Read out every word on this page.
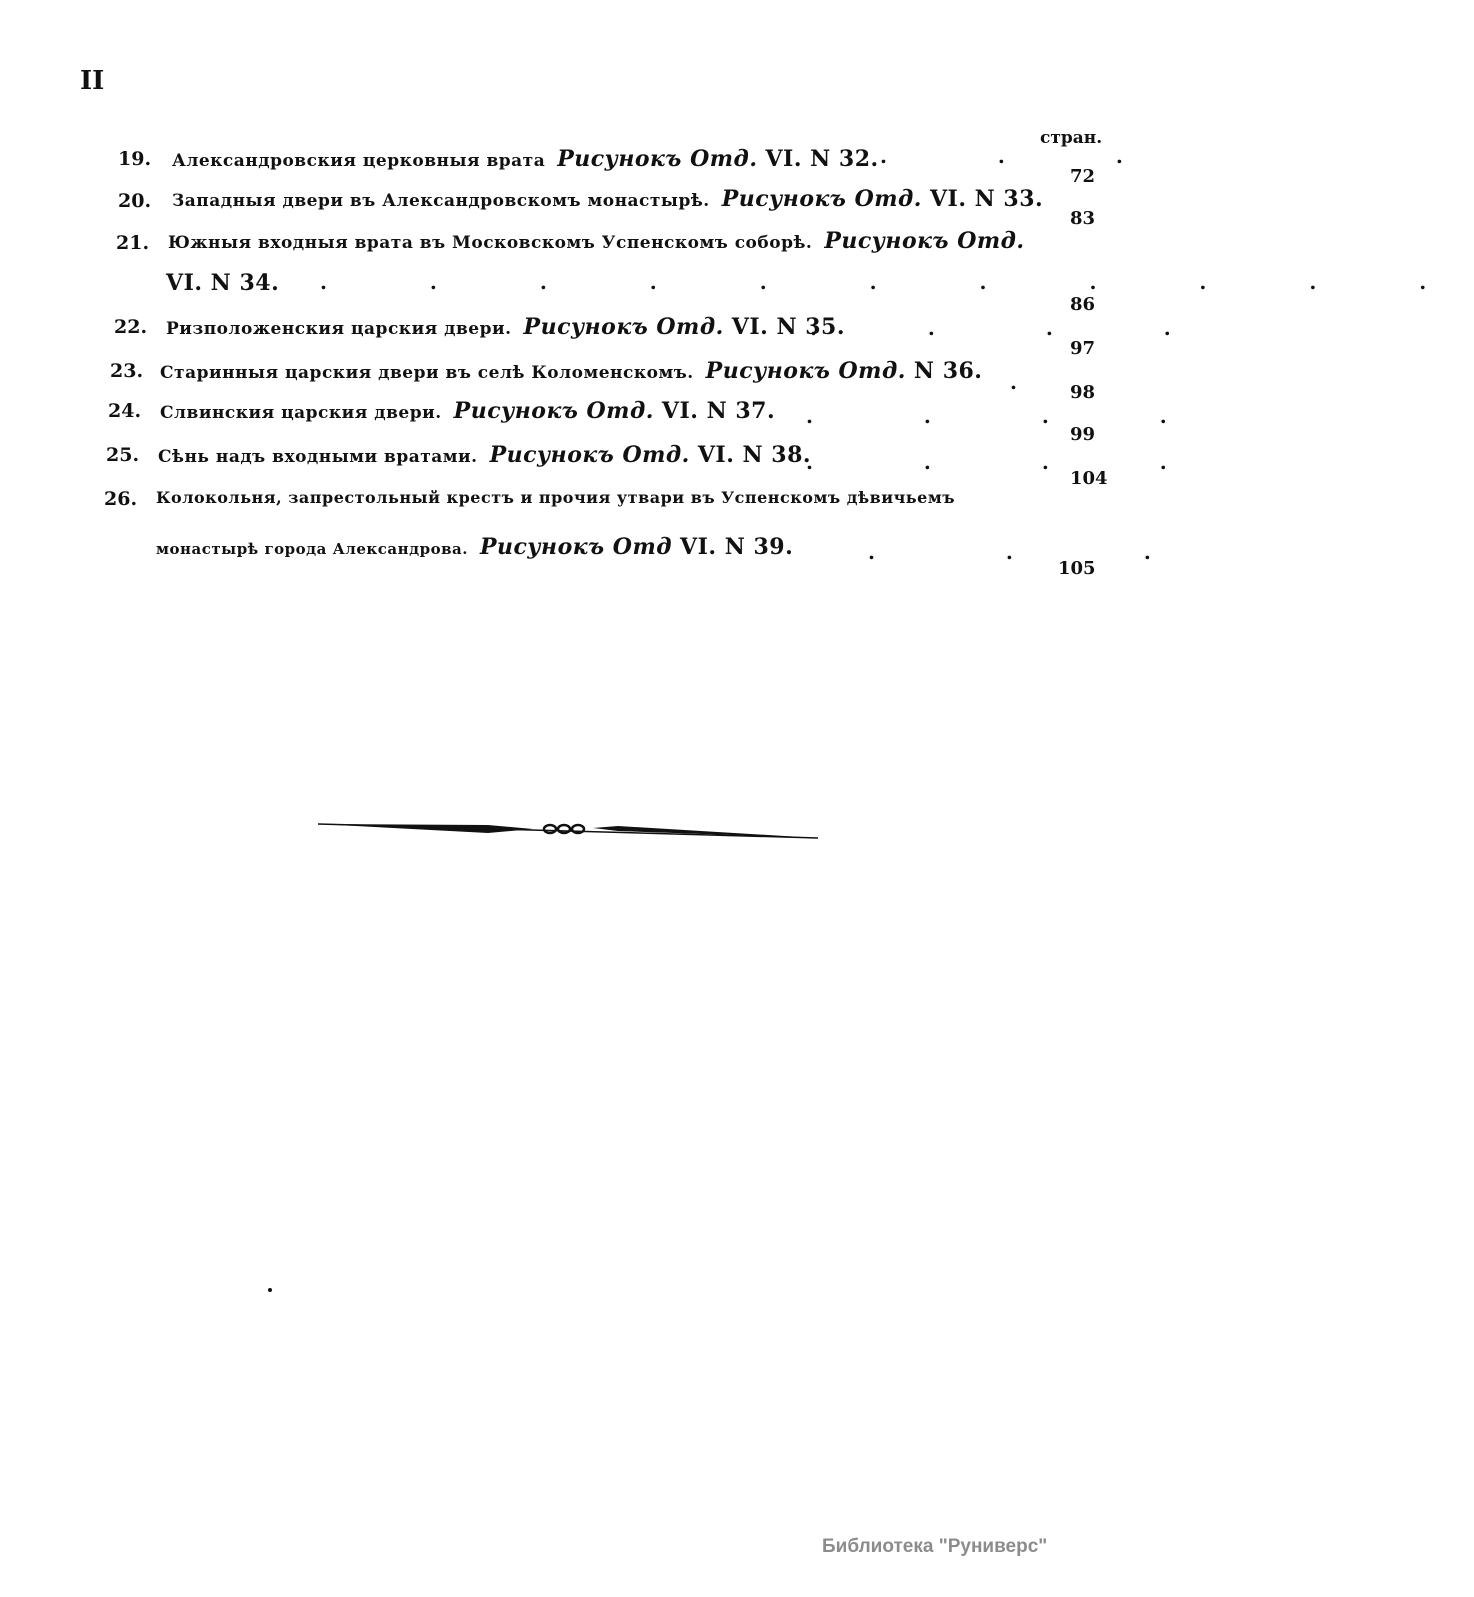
II
стран.
19. Александровския церковныя врата Рисунокъ Отд. VI. N 32. . . .
72
20. Западныя двери въ Александровскомъ монастырѣ. Рисунокъ Отд. VI. N 33.
83
21. Южныя входныя врата въ Московскомъ Успенскомъ соборѣ. Рисунокъ Отд.
VI. N 34. . . . . . . . . . . .
86
22. Ризположенския царския двери. Рисунокъ Отд. VI. N 35.
. . . .
97
23. Старинныя царския двери въ селѣ Коломенскомъ. Рисунокъ Отд. N 36. . 98
24. Слвинския царския двери. Рисунокъ Отд. VI. N 37. . . . .
99
25. Сѣнь надъ входными вратами. Рисунокъ Отд. VI. N 38.
. . . .
104
26. Колокольня, запрестольный крестъ и прочия утвари въ Успенскомъ дѣвичьемъ
монастырѣ города Александрова. Рисунокъ Отд VI. N 39.	. . .
105
Библиотека "Руниверс"
